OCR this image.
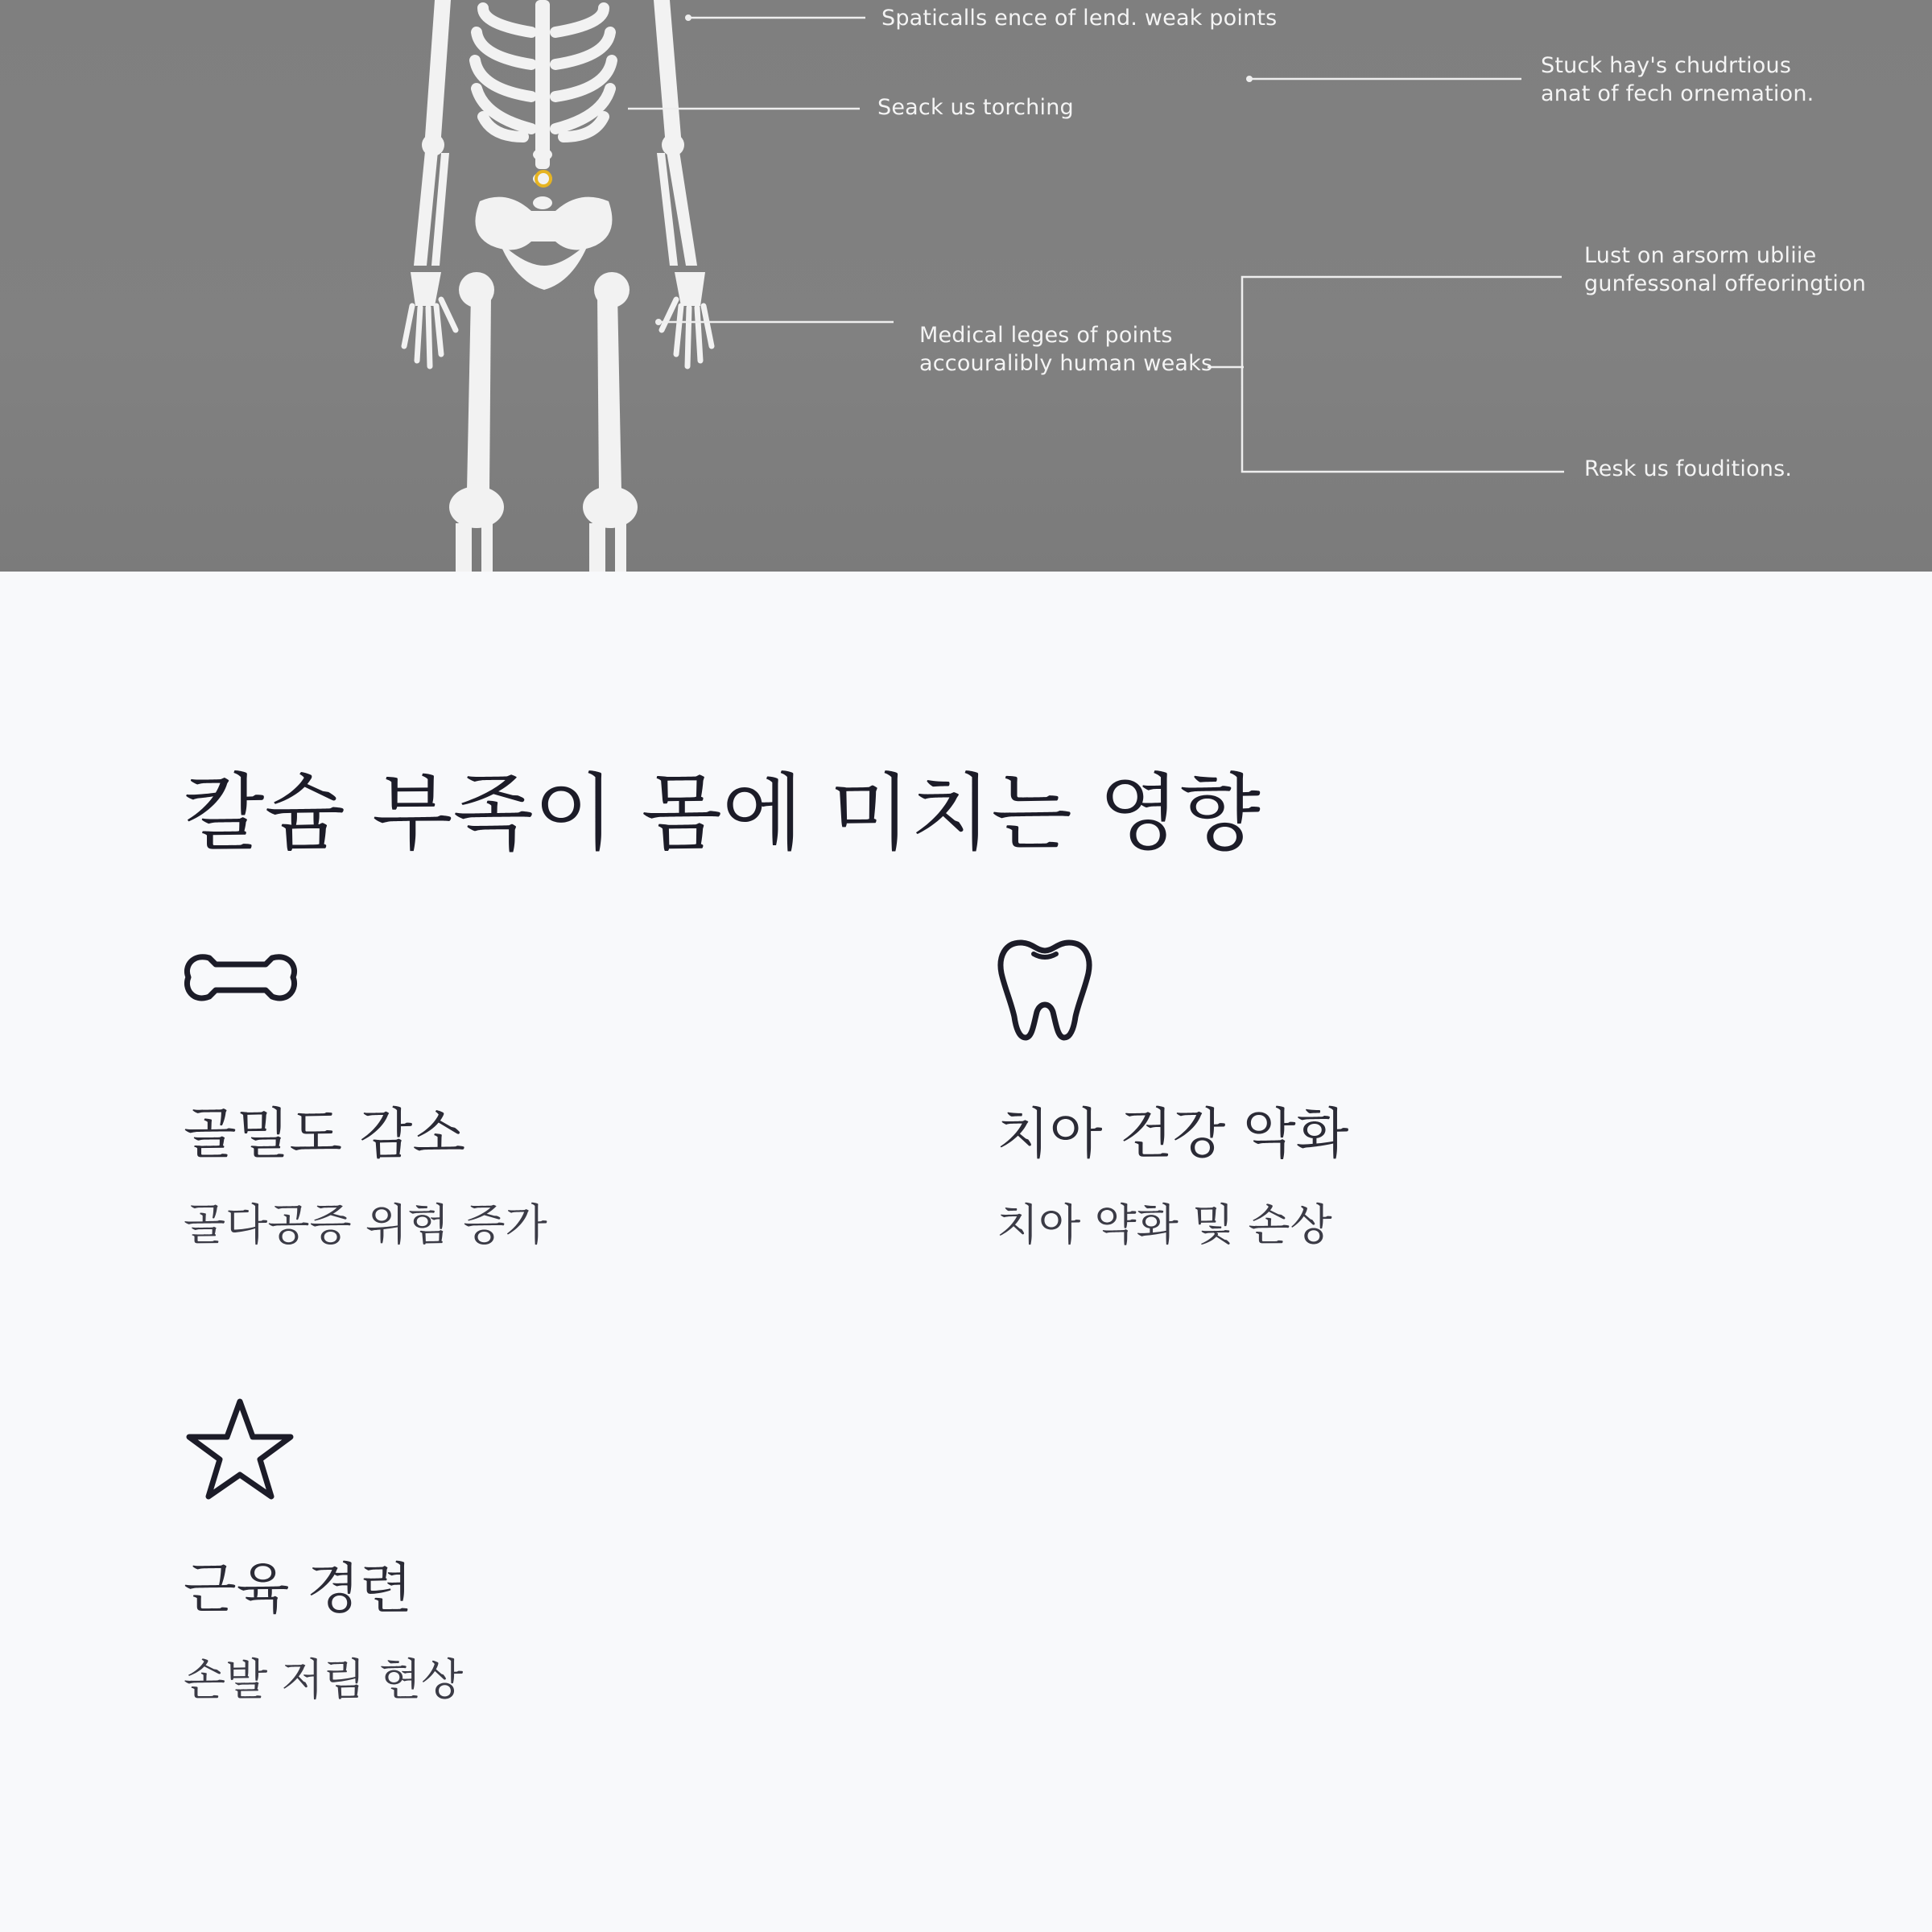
Spaticalls ence of lend. weak points
Seack us torching
Stuck hay's chudrtious
anat of fech ornemation.
Medical leges of points
accouralibly human weaks
Lust on arsorm ubliie
gunfessonal offeoringtion
Resk us fouditions.
칼슘 부족이 몸에 미치는 영향
골밀도 감소

골다공증 위험 증가

치아 건강 악화

치아 약화 및 손상

근육 경련

손발 저림 현상
